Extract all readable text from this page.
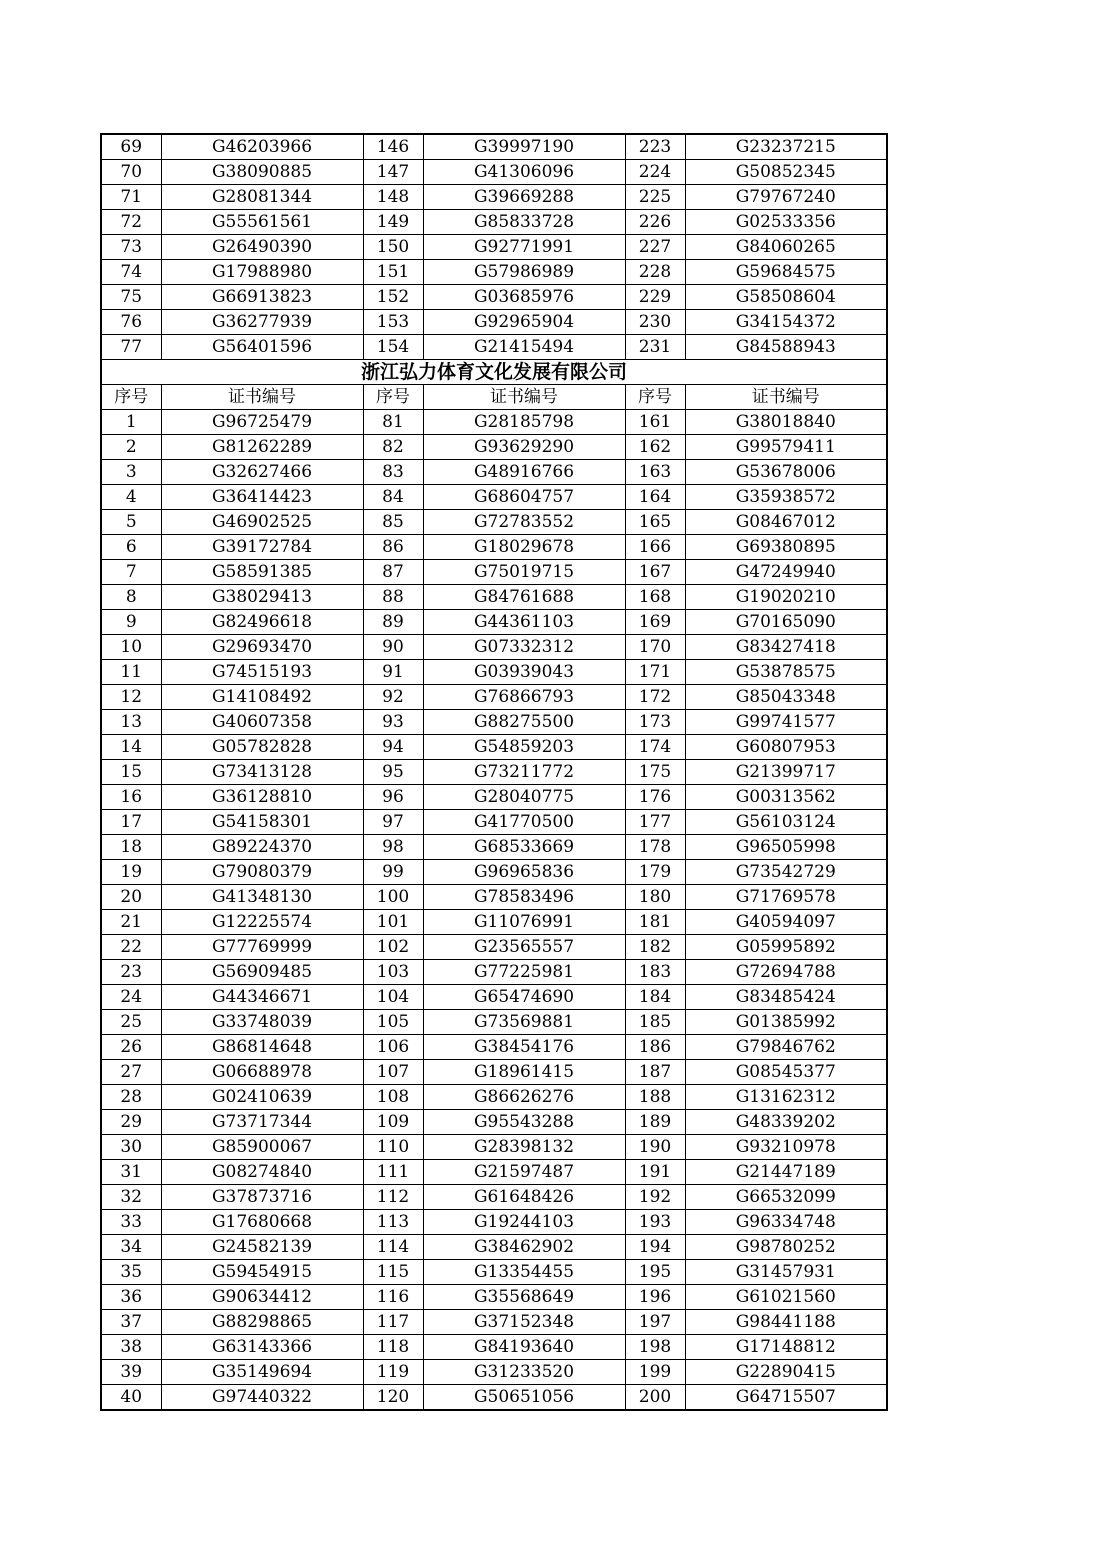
69	G46203966	146	G39997190	223	G23237215
70	G38090885	147	G41306096	224	G50852345
71	G28081344	148	G39669288	225	G79767240
72	G55561561	149	G85833728	226	G02533356
73	G26490390	150	G92771991	227	G84060265
74	G17988980	151	G57986989	228	G59684575
75	G66913823	152	G03685976	229	G58508604
76	G36277939	153	G92965904	230	G34154372
77	G56401596	154	G21415494	231	G84588943
浙江弘力体育文化发展有限公司					
序号	证书编号	序号	证书编号	序号	证书编号
1	G96725479	81	G28185798	161	G38018840
2	G81262289	82	G93629290	162	G99579411
3	G32627466	83	G48916766	163	G53678006
4	G36414423	84	G68604757	164	G35938572
5	G46902525	85	G72783552	165	G08467012
6	G39172784	86	G18029678	166	G69380895
7	G58591385	87	G75019715	167	G47249940
8	G38029413	88	G84761688	168	G19020210
9	G82496618	89	G44361103	169	G70165090
10	G29693470	90	G07332312	170	G83427418
11	G74515193	91	G03939043	171	G53878575
12	G14108492	92	G76866793	172	G85043348
13	G40607358	93	G88275500	173	G99741577
14	G05782828	94	G54859203	174	G60807953
15	G73413128	95	G73211772	175	G21399717
16	G36128810	96	G28040775	176	G00313562
17	G54158301	97	G41770500	177	G56103124
18	G89224370	98	G68533669	178	G96505998
19	G79080379	99	G96965836	179	G73542729
20	G41348130	100	G78583496	180	G71769578
21	G12225574	101	G11076991	181	G40594097
22	G77769999	102	G23565557	182	G05995892
23	G56909485	103	G77225981	183	G72694788
24	G44346671	104	G65474690	184	G83485424
25	G33748039	105	G73569881	185	G01385992
26	G86814648	106	G38454176	186	G79846762
27	G06688978	107	G18961415	187	G08545377
28	G02410639	108	G86626276	188	G13162312
29	G73717344	109	G95543288	189	G48339202
30	G85900067	110	G28398132	190	G93210978
31	G08274840	111	G21597487	191	G21447189
32	G37873716	112	G61648426	192	G66532099
33	G17680668	113	G19244103	193	G96334748
34	G24582139	114	G38462902	194	G98780252
35	G59454915	115	G13354455	195	G31457931
36	G90634412	116	G35568649	196	G61021560
37	G88298865	117	G37152348	197	G98441188
38	G63143366	118	G84193640	198	G17148812
39	G35149694	119	G31233520	199	G22890415
40	G97440322	120	G50651056	200	G64715507
